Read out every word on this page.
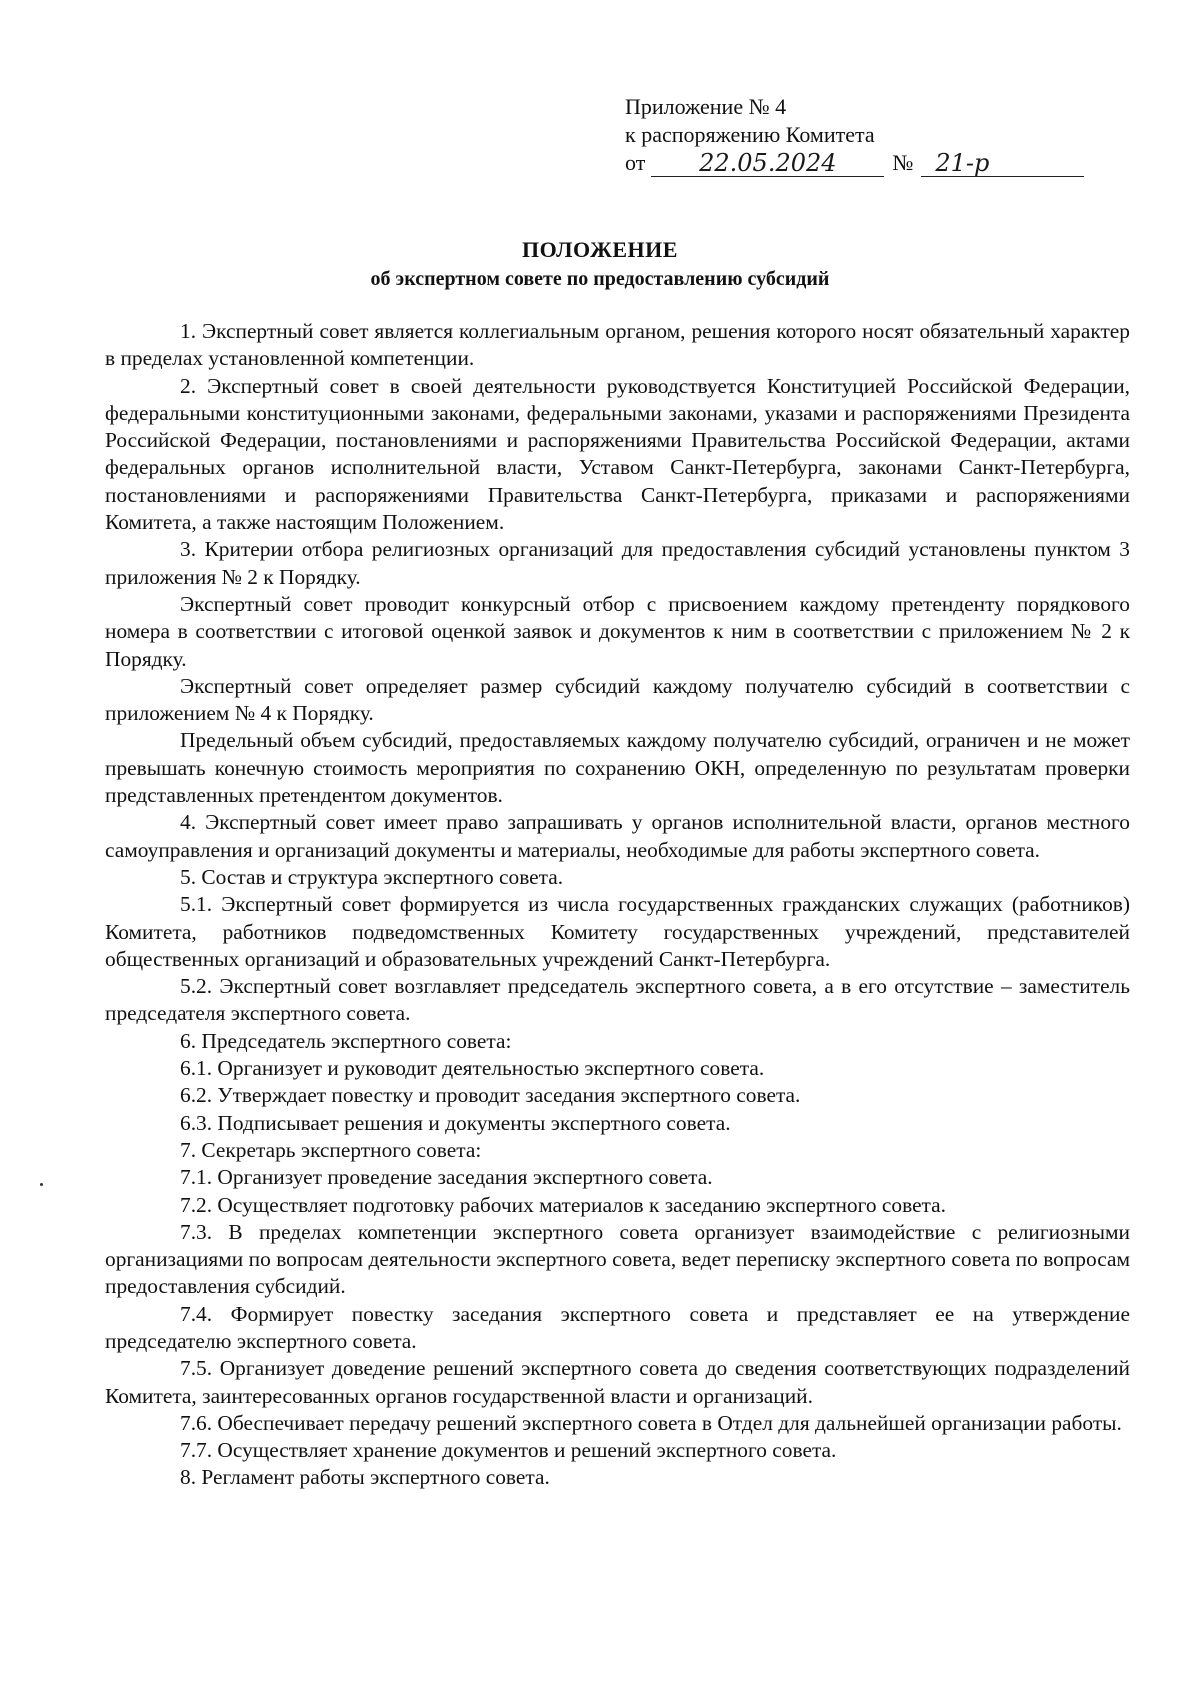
Приложение № 4
к распоряжению Комитета
от	22.05.2024	№ 21-р
ПОЛОЖЕНИЕ
об экспертном совете по предоставлению субсидий

1. Экспертный совет является коллегиальным органом, решения которого носят обязательный характер в пределах установленной компетенции.

2. Экспертный совет в своей деятельности руководствуется Конституцией Российской Федерации, федеральными конституционными законами, федеральными законами, указами и распоряжениями Президента Российской Федерации, постановлениями и распоряжениями Правительства Российской Федерации, актами федеральных органов исполнительной власти, Уставом Санкт-Петербурга, законами Санкт-Петербурга, постановлениями и распоряжениями Правительства Санкт-Петербурга, приказами и распоряжениями Комитета, а также настоящим Положением.

3. Критерии отбора религиозных организаций для предоставления субсидий установлены пунктом 3 приложения № 2 к Порядку.

Экспертный совет проводит конкурсный отбор с присвоением каждому претенденту порядкового номера в соответствии с итоговой оценкой заявок и документов к ним в соответствии с приложением № 2 к Порядку.

Экспертный совет определяет размер субсидий каждому получателю субсидий в соответствии с приложением № 4 к Порядку.

Предельный объем субсидий, предоставляемых каждому получателю субсидий, ограничен и не может превышать конечную стоимость мероприятия по сохранению ОКН, определенную по результатам проверки представленных претендентом документов.

4. Экспертный совет имеет право запрашивать у органов исполнительной власти, органов местного самоуправления и организаций документы и материалы, необходимые для работы экспертного совета.

5. Состав и структура экспертного совета.

5.1. Экспертный совет формируется из числа государственных гражданских служащих (работников) Комитета, работников подведомственных Комитету государственных учреждений, представителей общественных организаций и образовательных учреждений Санкт-Петербурга.

5.2. Экспертный совет возглавляет председатель экспертного совета, а в его отсутствие – заместитель председателя экспертного совета.

6. Председатель экспертного совета:

6.1. Организует и руководит деятельностью экспертного совета.

6.2. Утверждает повестку и проводит заседания экспертного совета.

6.3. Подписывает решения и документы экспертного совета.

7. Секретарь экспертного совета:

7.1. Организует проведение заседания экспертного совета.

7.2. Осуществляет подготовку рабочих материалов к заседанию экспертного совета.

7.3. В пределах компетенции экспертного совета организует взаимодействие с религиозными организациями по вопросам деятельности экспертного совета, ведет переписку экспертного совета по вопросам предоставления субсидий.

7.4. Формирует повестку заседания экспертного совета и представляет ее на утверждение председателю экспертного совета.

7.5. Организует доведение решений экспертного совета до сведения соответствующих подразделений Комитета, заинтересованных органов государственной власти и организаций.

7.6. Обеспечивает передачу решений экспертного совета в Отдел для дальнейшей организации работы.

7.7. Осуществляет хранение документов и решений экспертного совета.

8. Регламент работы экспертного совета.
